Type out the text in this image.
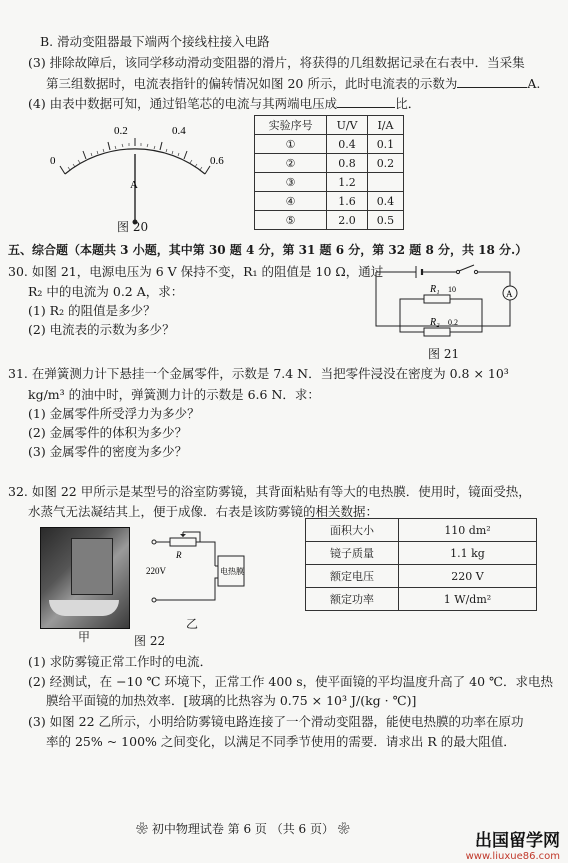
B. 滑动变阻器最下端两个接线柱接入电路
(3) 排除故障后，该同学移动滑动变阻器的滑片，将获得的几组数据记录在右表中．当采集
第三组数据时，电流表指针的偏转情况如图 20 所示，此时电流表的示数为	A.
(4) 由表中数据可知，通过铅笔芯的电流与其两端电压成	比．
0
0.2	0.4
0.6
A
图 20
实验序号	U/V	I/A
①	0.4	0.1
②	0.8	0.2
③	1.2	
④	1.6	0.4
⑤	2.0	0.5
五、综合题（本题共 3 小题，其中第 30 题 4 分，第 31 题 6 分，第 32 题 8 分，共 18 分.）
30. 如图 21，电源电压为 6 V 保持不变，R₁ 的阻值是 10 Ω，通过
R₂ 中的电流为 0.2 A，求：
(1) R₂ 的阻值是多少？
(2) 电流表的示数为多少？
A
R₁ 10
R₂ 0.2
图 21
31. 在弹簧测力计下悬挂一个金属零件，示数是 7.4 N．当把零件浸没在密度为 0.8 × 10³
kg/m³ 的油中时，弹簧测力计的示数是 6.6 N．求：
(1) 金属零件所受浮力为多少？
(2) 金属零件的体积为多少？
(3) 金属零件的密度为多少？
32. 如图 22 甲所示是某型号的浴室防雾镜，其背面粘贴有等大的电热膜．使用时，镜面受热，
水蒸气无法凝结其上，便于成像．右表是该防雾镜的相关数据：
甲
220V
R
电热膜
乙
图 22
面积大小	110 dm²
镜子质量	1.1 kg
额定电压	220 V
额定功率	1 W/dm²
(1) 求防雾镜正常工作时的电流．
(2) 经测试，在 −10 ℃ 环境下，正常工作 400 s，使平面镜的平均温度升高了 40 ℃．求电热
膜给平面镜的加热效率．[玻璃的比热容为 0.75 × 10³ J/(kg · ℃)]
(3) 如图 22 乙所示，小明给防雾镜电路连接了一个滑动变阻器，能使电热膜的功率在原功
率的 25% ~ 100% 之间变化，以满足不同季节使用的需要．请求出 R 的最大阻值．
❀ 初中物理试卷 第 6 页 （共 6 页） ❀
出国留学网
www.liuxue86.com
